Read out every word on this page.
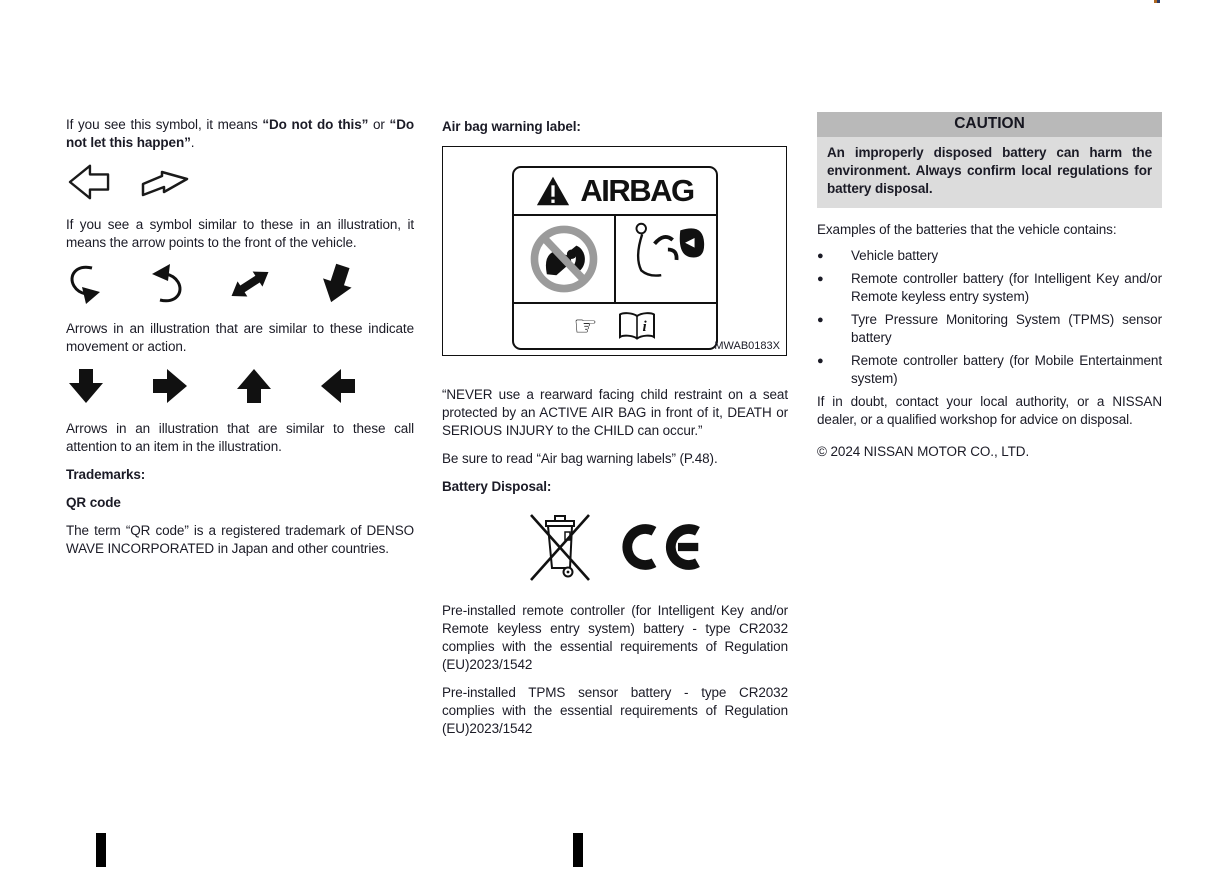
If you see this symbol, it means “Do not do this” or “Do not let this happen”.

If you see a symbol similar to these in an illustration, it means the arrow points to the front of the vehicle.

Arrows in an illustration that are similar to these indicate movement or action.

Arrows in an illustration that are similar to these call attention to an item in the illustration.

Trademarks:

QR code

The term “QR code” is a registered trademark of DENSO WAVE INCORPORATED in Japan and other countries.

Air bag warning label:

AIRBAG
☞	i
MWAB0183X

“NEVER use a rearward facing child restraint on a seat protected by an ACTIVE AIR BAG in front of it, DEATH or SERIOUS INJURY to the CHILD can occur.”

Be sure to read “Air bag warning labels” (P.48).

Battery Disposal:

Pre-installed remote controller (for Intelligent Key and/or Remote keyless entry system) battery - type CR2032 complies with the essential requirements of Regulation (EU)2023/1542

Pre-installed TPMS sensor battery - type CR2032 complies with the essential requirements of Regulation (EU)2023/1542

CAUTION

An improperly disposed battery can harm the environment. Always confirm local regulations for battery disposal.

Examples of the batteries that the vehicle contains:

●	Vehicle battery
●	Remote controller battery (for Intelligent Key and/or Remote keyless entry system)
●	Tyre Pressure Monitoring System (TPMS) sensor battery
●	Remote controller battery (for Mobile Entertainment system)

If in doubt, contact your local authority, or a NISSAN dealer, or a qualified workshop for advice on disposal.

© 2024 NISSAN MOTOR CO., LTD.
